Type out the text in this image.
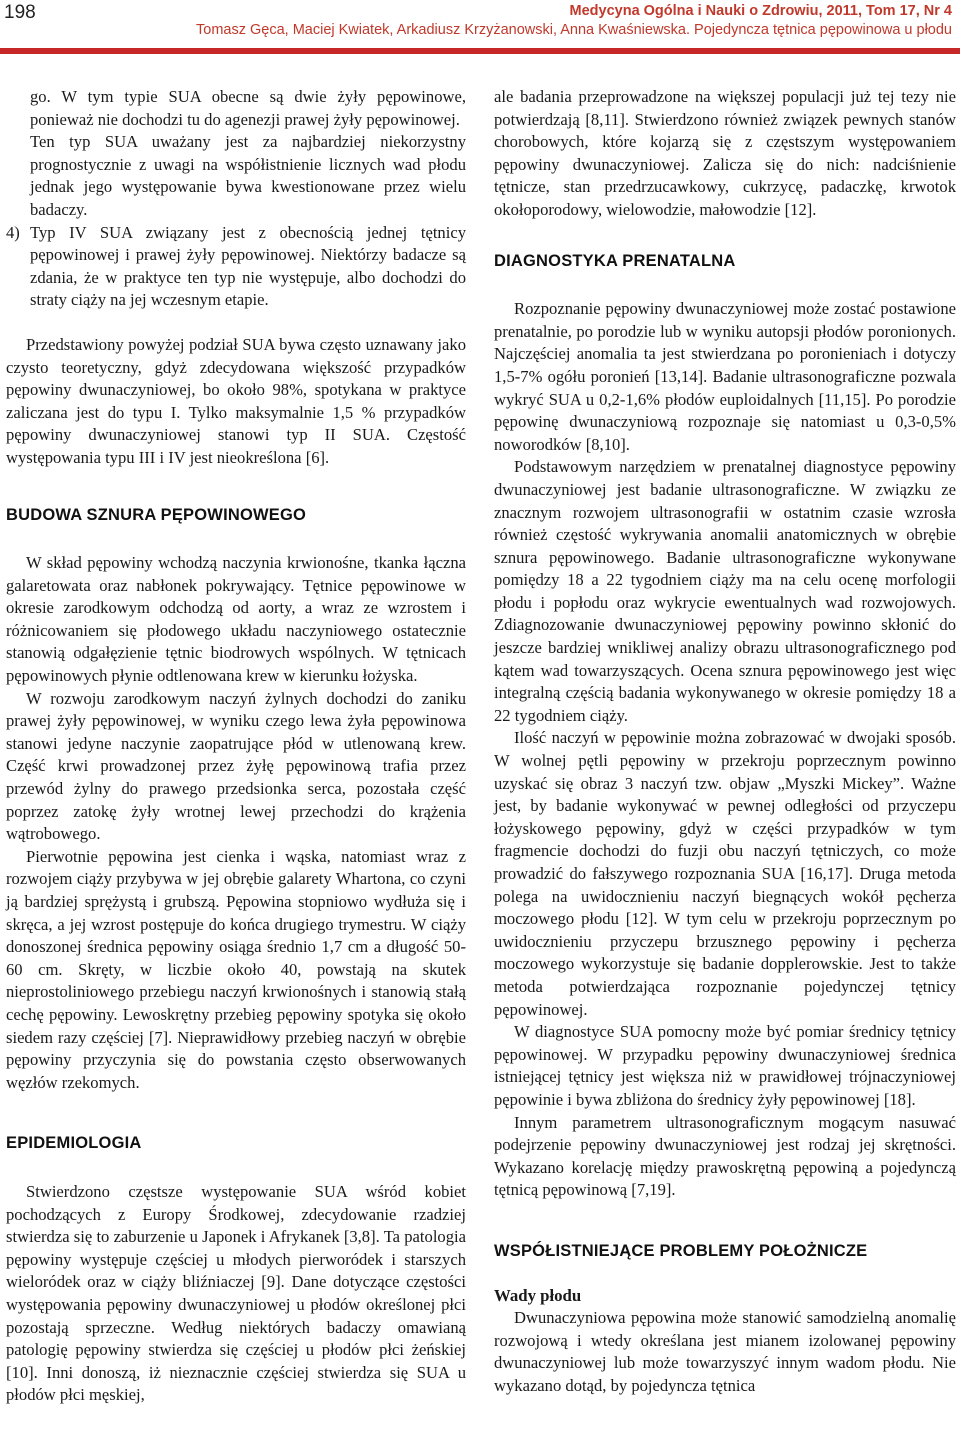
198	Medycyna Ogólna i Nauki o Zdrowiu, 2011, Tom 17, Nr 4
Tomasz Gęca, Maciej Kwiatek, Arkadiusz Krzyżanowski, Anna Kwaśniewska. Pojedyncza tętnica pępowinowa u płodu

go. W tym typie SUA obecne są dwie żyły pępowinowe, ponieważ nie dochodzi tu do agenezji prawej żyły pępowinowej.

Ten typ SUA uważany jest za najbardziej niekorzystny prognostycznie z uwagi na współistnienie licznych wad płodu jednak jego występowanie bywa kwestionowane przez wielu badaczy.

4) Typ IV SUA związany jest z obecnością jednej tętnicy pępowinowej i prawej żyły pępowinowej. Niektórzy badacze są zdania, że w praktyce ten typ nie występuje, albo dochodzi do straty ciąży na jej wczesnym etapie.

Przedstawiony powyżej podział SUA bywa często uznawany jako czysto teoretyczny, gdyż zdecydowana większość przypadków pępowiny dwunaczyniowej, bo około 98%, spotykana w praktyce zaliczana jest do typu I. Tylko maksymalnie 1,5 % przypadków pępowiny dwunaczyniowej stanowi typ II SUA. Częstość występowania typu III i IV jest nieokreślona [6].

BUDOWA SZNURA PĘPOWINOWEGO

W skład pępowiny wchodzą naczynia krwionośne, tkanka łączna galaretowata oraz nabłonek pokrywający. Tętnice pępowinowe w okresie zarodkowym odchodzą od aorty, a wraz ze wzrostem i różnicowaniem się płodowego układu naczyniowego ostatecznie stanowią odgałęzienie tętnic biodrowych wspólnych. W tętnicach pępowinowych płynie odtlenowana krew w kierunku łożyska.

W rozwoju zarodkowym naczyń żylnych dochodzi do zaniku prawej żyły pępowinowej, w wyniku czego lewa żyła pępowinowa stanowi jedyne naczynie zaopatrujące płód w utlenowaną krew. Część krwi prowadzonej przez żyłę pępowinową trafia przez przewód żylny do prawego przedsionka serca, pozostała część poprzez zatokę żyły wrotnej lewej przechodzi do krążenia wątrobowego.

Pierwotnie pępowina jest cienka i wąska, natomiast wraz z rozwojem ciąży przybywa w jej obrębie galarety Whartona, co czyni ją bardziej sprężystą i grubszą. Pępowina stopniowo wydłuża się i skręca, a jej wzrost postępuje do końca drugiego trymestru. W ciąży donoszonej średnica pępowiny osiąga średnio 1,7 cm a długość 50-60 cm. Skręty, w liczbie około 40, powstają na skutek nieprostoliniowego przebiegu naczyń krwionośnych i stanowią stałą cechę pępowiny. Lewoskrętny przebieg pępowiny spotyka się około siedem razy częściej [7]. Nieprawidłowy przebieg naczyń w obrębie pępowiny przyczynia się do powstania często obserwowanych węzłów rzekomych.

EPIDEMIOLOGIA

Stwierdzono częstsze występowanie SUA wśród kobiet pochodzących z Europy Środkowej, zdecydowanie rzadziej stwierdza się to zaburzenie u Japonek i Afrykanek [3,8]. Ta patologia pępowiny występuje częściej u młodych pierworódek i starszych wieloródek oraz w ciąży bliźniaczej [9]. Dane dotyczące częstości występowania pępowiny dwunaczyniowej u płodów określonej płci pozostają sprzeczne. Według niektórych badaczy omawianą patologię pępowiny stwierdza się częściej u płodów płci żeńskiej [10]. Inni donoszą, iż nieznacznie częściej stwierdza się SUA u płodów płci męskiej,

ale badania przeprowadzone na większej populacji już tej tezy nie potwierdzają [8,11]. Stwierdzono również związek pewnych stanów chorobowych, które kojarzą się z częstszym występowaniem pępowiny dwunaczyniowej. Zalicza się do nich: nadciśnienie tętnicze, stan przedrzucawkowy, cukrzycę, padaczkę, krwotok okołoporodowy, wielowodzie, małowodzie [12].

DIAGNOSTYKA PRENATALNA

Rozpoznanie pępowiny dwunaczyniowej może zostać postawione prenatalnie, po porodzie lub w wyniku autopsji płodów poronionych. Najczęściej anomalia ta jest stwierdzana po poronieniach i dotyczy 1,5-7% ogółu poronień [13,14]. Badanie ultrasonograficzne pozwala wykryć SUA u 0,2-1,6% płodów euploidalnych [11,15]. Po porodzie pępowinę dwunaczyniową rozpoznaje się natomiast u 0,3-0,5% noworodków [8,10].

Podstawowym narzędziem w prenatalnej diagnostyce pępowiny dwunaczyniowej jest badanie ultrasonograficzne. W związku ze znacznym rozwojem ultrasonografii w ostatnim czasie wzrosła również częstość wykrywania anomalii anatomicznych w obrębie sznura pępowinowego. Badanie ultrasonograficzne wykonywane pomiędzy 18 a 22 tygodniem ciąży ma na celu ocenę morfologii płodu i popłodu oraz wykrycie ewentualnych wad rozwojowych. Zdiagnozowanie dwunaczyniowej pępowiny powinno skłonić do jeszcze bardziej wnikliwej analizy obrazu ultrasonograficznego pod kątem wad towarzyszących. Ocena sznura pępowinowego jest więc integralną częścią badania wykonywanego w okresie pomiędzy 18 a 22 tygodniem ciąży.

Ilość naczyń w pępowinie można zobrazować w dwojaki sposób. W wolnej pętli pępowiny w przekroju poprzecznym powinno uzyskać się obraz 3 naczyń tzw. objaw „Myszki Mickey”. Ważne jest, by badanie wykonywać w pewnej odległości od przyczepu łożyskowego pępowiny, gdyż w części przypadków w tym fragmencie dochodzi do fuzji obu naczyń tętniczych, co może prowadzić do fałszywego rozpoznania SUA [16,17]. Druga metoda polega na uwidocznieniu naczyń biegnących wokół pęcherza moczowego płodu [12]. W tym celu w przekroju poprzecznym po uwidocznieniu przyczepu brzusznego pępowiny i pęcherza moczowego wykorzystuje się badanie dopplerowskie. Jest to także metoda potwierdzająca rozpoznanie pojedynczej tętnicy pępowinowej.

W diagnostyce SUA pomocny może być pomiar średnicy tętnicy pępowinowej. W przypadku pępowiny dwunaczyniowej średnica istniejącej tętnicy jest większa niż w prawidłowej trójnaczyniowej pępowinie i bywa zbliżona do średnicy żyły pępowinowej [18].

Innym parametrem ultrasonograficznym mogącym nasuwać podejrzenie pępowiny dwunaczyniowej jest rodzaj jej skrętności. Wykazano korelację między prawoskrętną pępowiną a pojedynczą tętnicą pępowinową [7,19].

WSPÓŁISTNIEJĄCE PROBLEMY POŁOŻNICZE
Wady płodu

Dwunaczyniowa pępowina może stanowić samodzielną anomalię rozwojową i wtedy określana jest mianem izolowanej pępowiny dwunaczyniowej lub może towarzyszyć innym wadom płodu. Nie wykazano dotąd, by pojedyncza tętnica
